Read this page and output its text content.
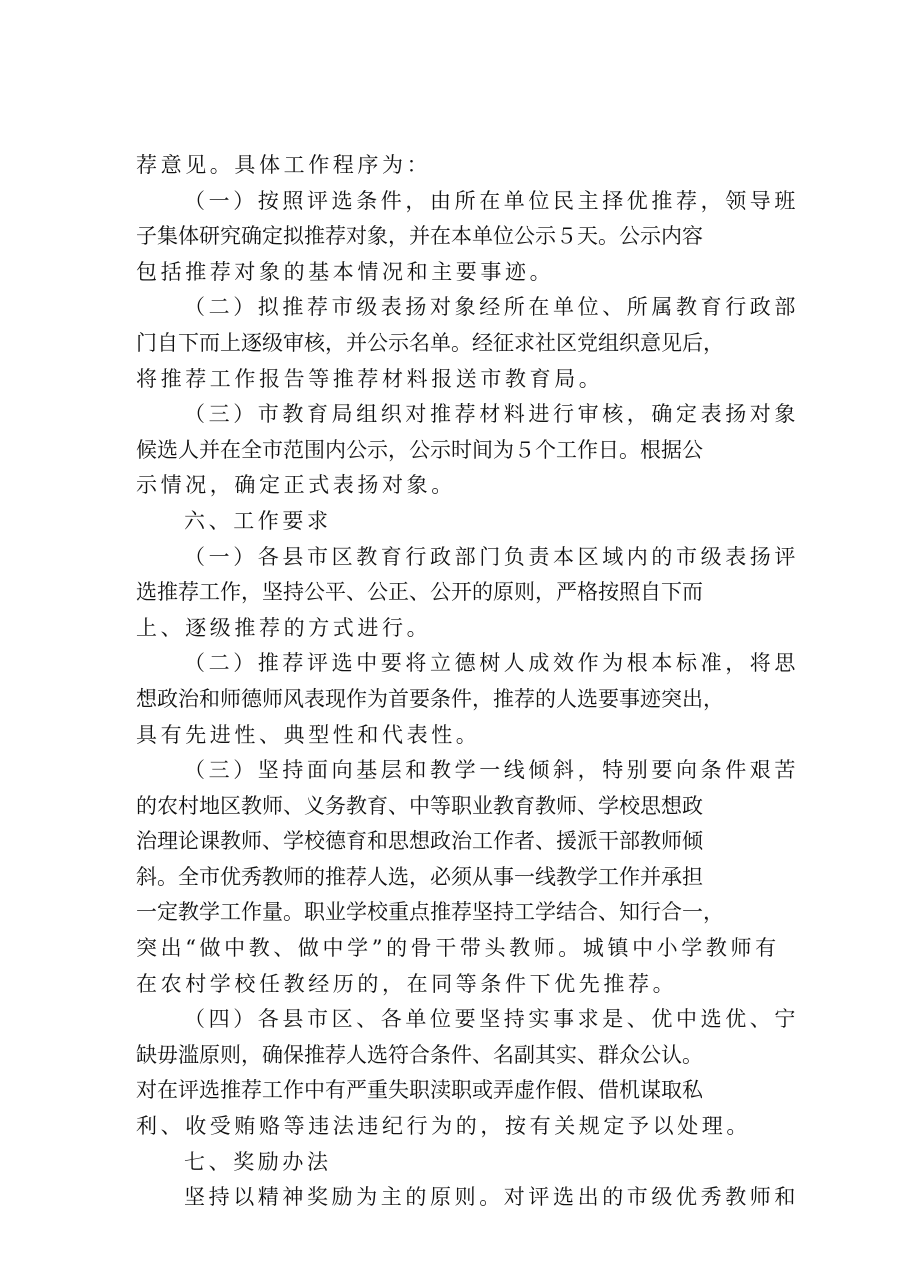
荐意见。具体工作程序为：
（一）按照评选条件，由所在单位民主择优推荐，领导班
子集体研究确定拟推荐对象，并在本单位公示５天。公示内容
包括推荐对象的基本情况和主要事迹。
（二）拟推荐市级表扬对象经所在单位、所属教育行政部
门自下而上逐级审核，并公示名单。经征求社区党组织意见后，
将推荐工作报告等推荐材料报送市教育局。
（三）市教育局组织对推荐材料进行审核，确定表扬对象
候选人并在全市范围内公示，公示时间为５个工作日。根据公
示情况，确定正式表扬对象。
六、工作要求
（一）各县市区教育行政部门负责本区域内的市级表扬评
选推荐工作，坚持公平、公正、公开的原则，严格按照自下而
上、逐级推荐的方式进行。
（二）推荐评选中要将立德树人成效作为根本标准，将思
想政治和师德师风表现作为首要条件，推荐的人选要事迹突出，
具有先进性、典型性和代表性。
（三）坚持面向基层和教学一线倾斜，特别要向条件艰苦
的农村地区教师、义务教育、中等职业教育教师、学校思想政
治理论课教师、学校德育和思想政治工作者、援派干部教师倾
斜。全市优秀教师的推荐人选，必须从事一线教学工作并承担
一定教学工作量。职业学校重点推荐坚持工学结合、知行合一，
突出“做中教、做中学”的骨干带头教师。城镇中小学教师有
在农村学校任教经历的，在同等条件下优先推荐。
（四）各县市区、各单位要坚持实事求是、优中选优、宁
缺毋滥原则，确保推荐人选符合条件、名副其实、群众公认。
对在评选推荐工作中有严重失职渎职或弄虚作假、借机谋取私
利、收受贿赂等违法违纪行为的，按有关规定予以处理。
七、奖励办法
坚持以精神奖励为主的原则。对评选出的市级优秀教师和
